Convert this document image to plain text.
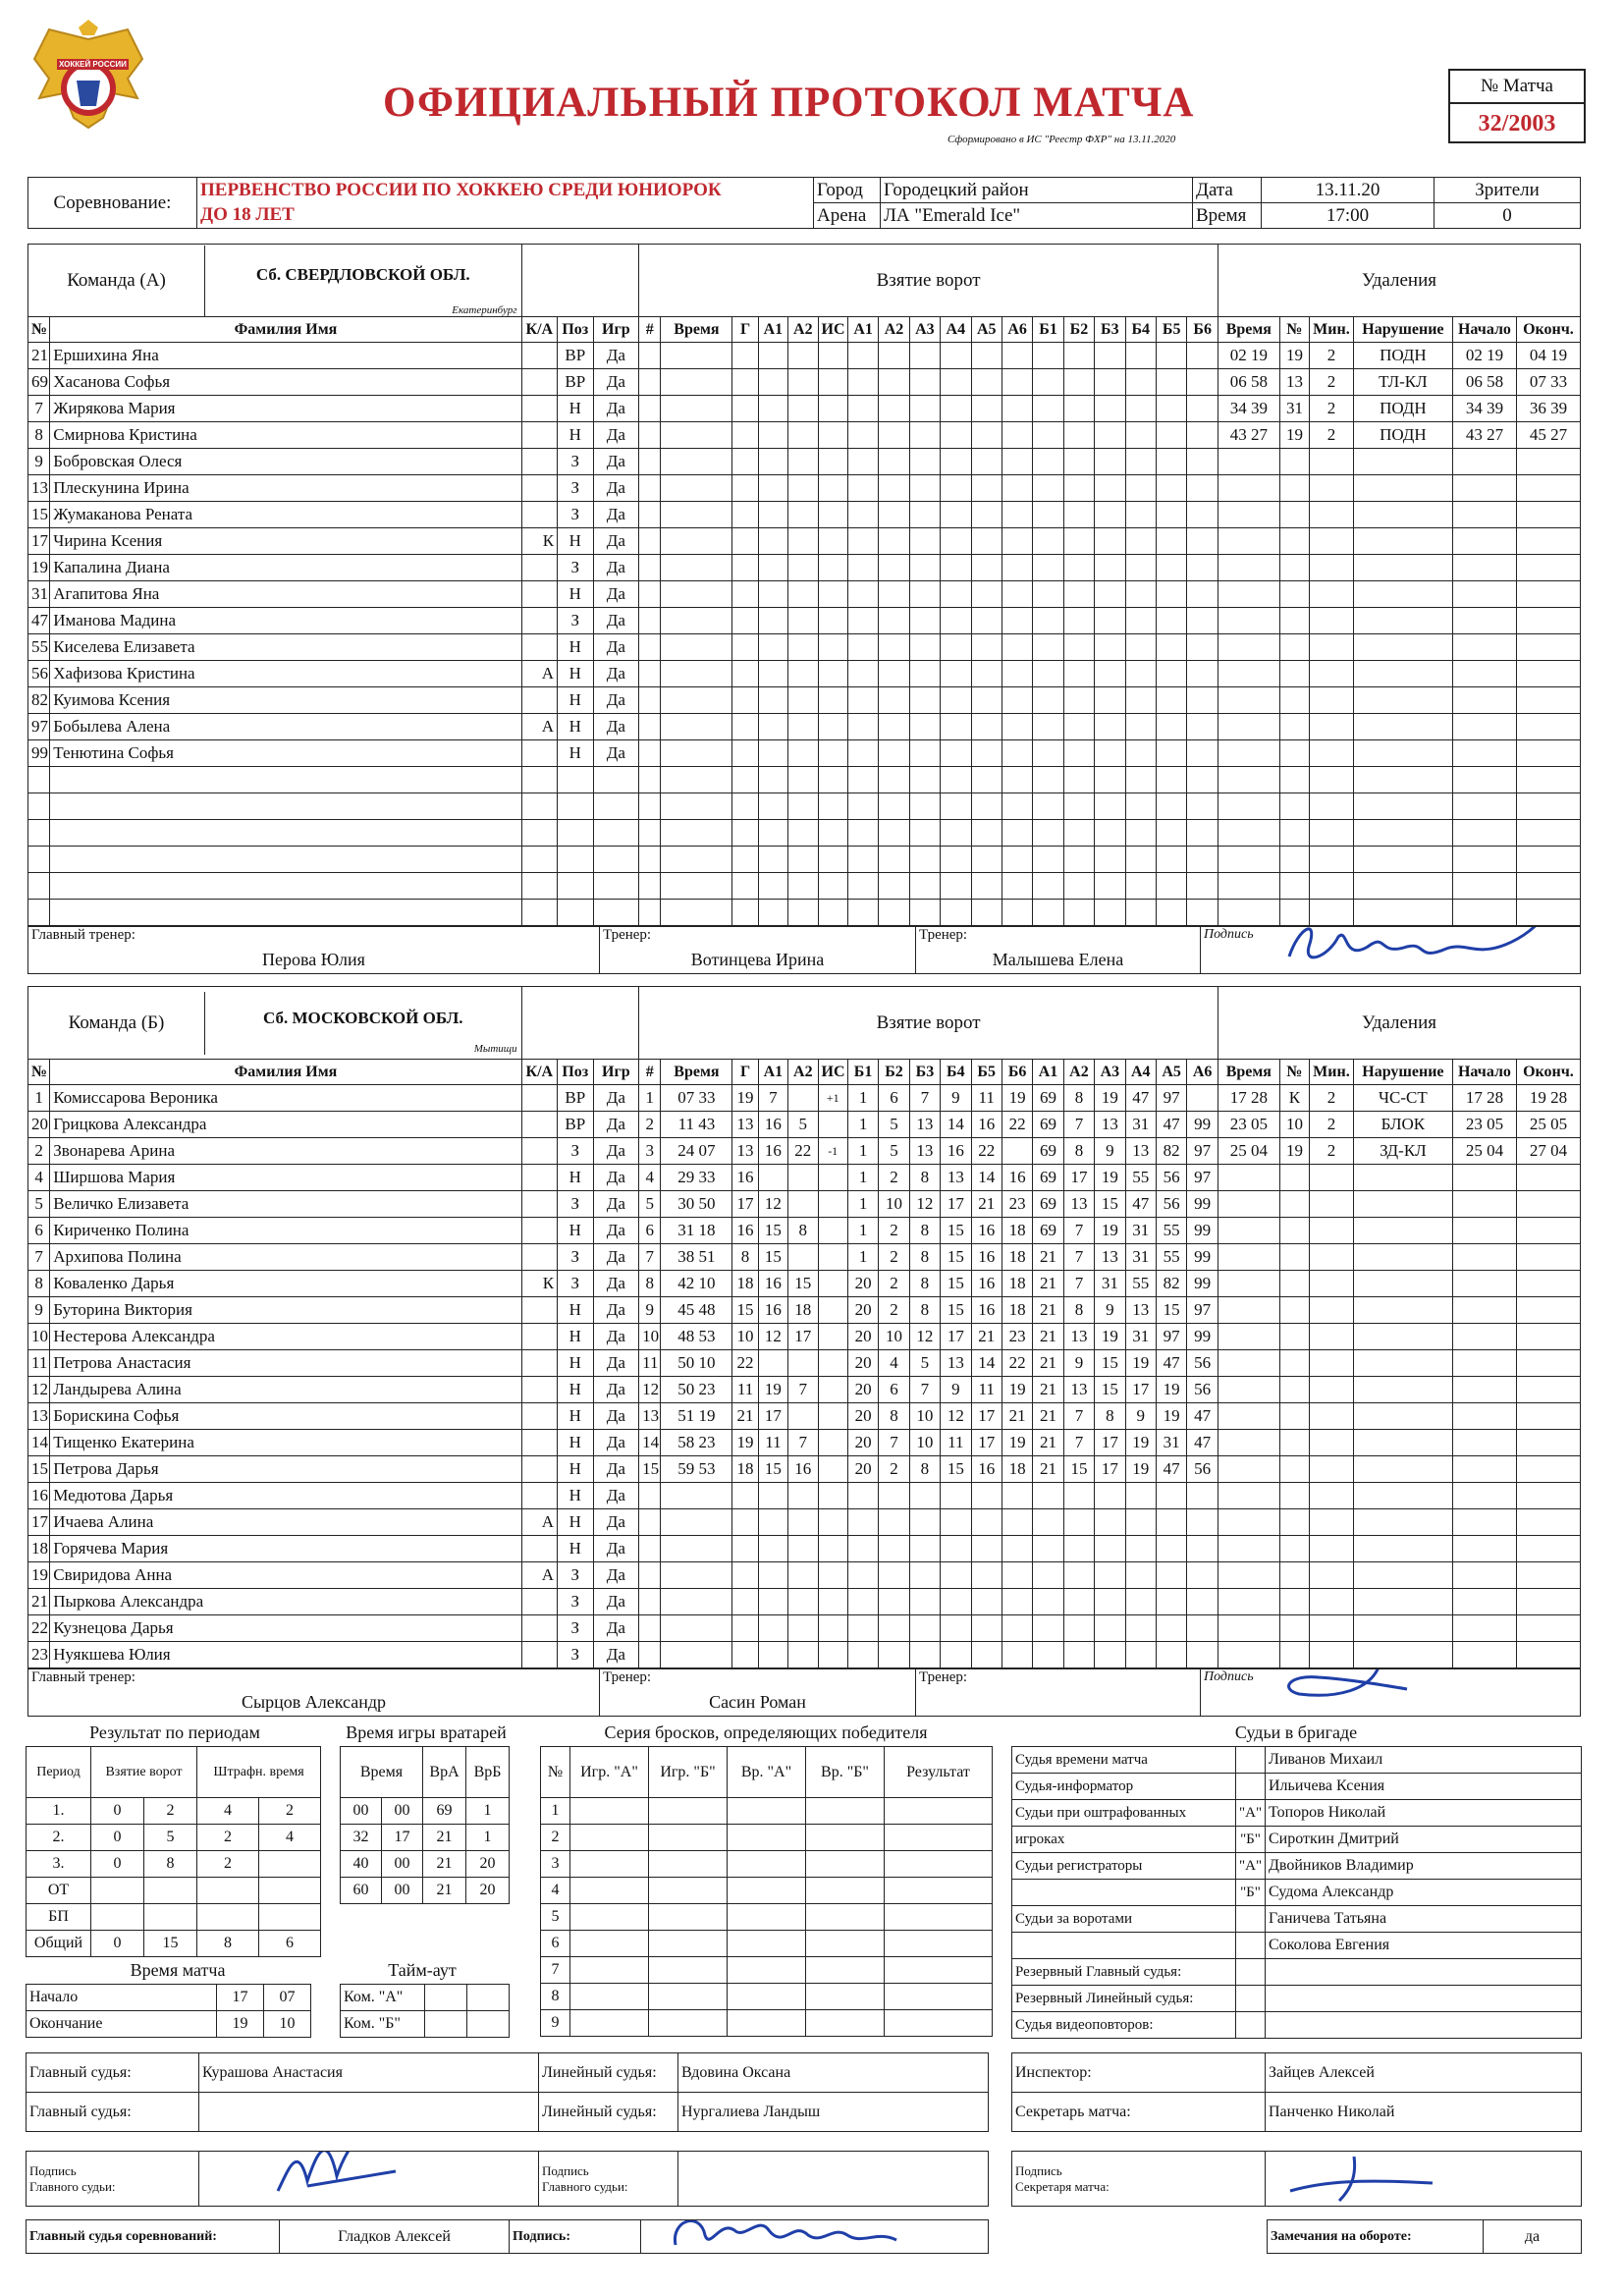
ХОККЕЙ РОССИИ
ОФИЦИАЛЬНЫЙ ПРОТОКОЛ МАТЧА
Сформировано в ИС "Реестр ФХР" на 13.11.2020
№ Матча
32/2003
Соревнование:	ПЕРВЕНСТВО РОССИИ ПО ХОККЕЮ СРЕДИ ЮНИОРОК	Город	Городецкий район	Дата	13.11.20	Зрители
	ДО 18 ЛЕТ	Арена	ЛА "Emerald Ice"	Время	17:00	0
Команда (А) Сб. СВЕРДЛОВСКОЙ ОБЛ.
Екатеринбург					Взятие ворот																		Удаления					
№	Фамилия Имя	К/А	Поз	Игр	#	Время	Г	А1	А2	ИС	А1	А2	А3	А4	А5	А6	Б1	Б2	Б3	Б4	Б5	Б6	Время	№	Мин.	Нарушение	Начало	Оконч.
21	Ершихина Яна		ВР	Да																			02 19	19	2	ПОДН	02 19	04 19
69	Хасанова Софья		ВР	Да																			06 58	13	2	ТЛ-КЛ	06 58	07 33
7	Жирякова Мария		Н	Да																			34 39	31	2	ПОДН	34 39	36 39
8	Смирнова Кристина		Н	Да																			43 27	19	2	ПОДН	43 27	45 27
9	Бобровская Олеся		З	Да																								
13	Плескунина Ирина		З	Да																								
15	Жумаканова Рената		З	Да																								
17	Чирина Ксения	К	Н	Да																								
19	Капалина Диана		З	Да																								
31	Агапитова Яна		Н	Да																								
47	Иманова Мадина		З	Да																								
55	Киселева Елизавета		Н	Да																								
56	Хафизова Кристина	А	Н	Да																								
82	Куимова Ксения		Н	Да																								
97	Бобылева Алена	А	Н	Да																								
99	Тенютина Софья		Н	Да																								

Главный тренер:
Перова Юлия

Тренер:
Вотинцева Ирина

Тренер:
Малышева Елена

Подпись
Команда (Б) Сб. МОСКОВСКОЙ ОБЛ.
Мытищи					Взятие ворот																		Удаления					
№	Фамилия Имя	К/А	Поз	Игр	#	Время	Г	А1	А2	ИС	Б1	Б2	Б3	Б4	Б5	Б6	А1	А2	А3	А4	А5	А6	Время	№	Мин.	Нарушение	Начало	Оконч.
1	Комиссарова Вероника		ВР	Да	1	07 33	19	7		+1	1	6	7	9	11	19	69	8	19	47	97		17 28	К	2	ЧС-СТ	17 28	19 28
20	Грицкова Александра		ВР	Да	2	11 43	13	16	5		1	5	13	14	16	22	69	7	13	31	47	99	23 05	10	2	БЛОК	23 05	25 05
2	Звонарева Арина		З	Да	3	24 07	13	16	22	-1	1	5	13	16	22		69	8	9	13	82	97	25 04	19	2	ЗД-КЛ	25 04	27 04
4	Ширшова Мария		Н	Да	4	29 33	16				1	2	8	13	14	16	69	17	19	55	56	97						
5	Величко Елизавета		З	Да	5	30 50	17	12			1	10	12	17	21	23	69	13	15	47	56	99						
6	Кириченко Полина		Н	Да	6	31 18	16	15	8		1	2	8	15	16	18	69	7	19	31	55	99						
7	Архипова Полина		З	Да	7	38 51	8	15			1	2	8	15	16	18	21	7	13	31	55	99						
8	Коваленко Дарья	К	З	Да	8	42 10	18	16	15		20	2	8	15	16	18	21	7	31	55	82	99						
9	Буторина Виктория		Н	Да	9	45 48	15	16	18		20	2	8	15	16	18	21	8	9	13	15	97						
10	Нестерова Александра		Н	Да	10	48 53	10	12	17		20	10	12	17	21	23	21	13	19	31	97	99						
11	Петрова Анастасия		Н	Да	11	50 10	22				20	4	5	13	14	22	21	9	15	19	47	56						
12	Ландырева Алина		Н	Да	12	50 23	11	19	7		20	6	7	9	11	19	21	13	15	17	19	56						
13	Борискина Софья		Н	Да	13	51 19	21	17			20	8	10	12	17	21	21	7	8	9	19	47						
14	Тищенко Екатерина		Н	Да	14	58 23	19	11	7		20	7	10	11	17	19	21	7	17	19	31	47						
15	Петрова Дарья		Н	Да	15	59 53	18	15	16		20	2	8	15	16	18	21	15	17	19	47	56						
16	Медютова Дарья		Н	Да																								
17	Ичаева Алина	А	Н	Да																								
18	Горячева Мария		Н	Да																								
19	Свиридова Анна	А	З	Да																								
21	Пыркова Александра		З	Да																								
22	Кузнецова Дарья		З	Да																								
23	Нуякшева Юлия		З	Да																								
Главный тренер:
Сырцов Александр

Тренер:
Сасин Роман

Тренер:	Подпись
Результат по периодам
Период	Взятие ворот		Штрафн. время	
1.	0	2	4	2
2.	0	5	2	4
3.	0	8	2	
ОТ				
БП				
Общий	0	15	8	6
Время игры вратарей
Время		ВрА	ВрБ
00	00	69	1
32	17	21	1
40	00	21	20
60	00	21	20
Время матча
Начало	17	07
Окончание	19	10
Тайм-аут
Ком. "А"		
Ком. "Б"		
Серия бросков, определяющих победителя
№	Игр. "А"	Игр. "Б"	Вр. "А"	Вр. "Б"	Результат
1					
2					
3					
4					
5					
6					
7					
8					
9					
Судьи в бригаде
Судья времени матча		Ливанов Михаил
Судья-информатор		Ильичева Ксения
Судьи при оштрафованных	"А"	Топоров Николай
игроках	"Б"	Сироткин Дмитрий
Судьи регистраторы	"А"	Двойников Владимир
	"Б"	Судома Александр
Судьи за воротами		Ганичева Татьяна
		Соколова Евгения
Резервный Главный судья:		
Резервный Линейный судья:		
Судья видеоповторов:		
Главный судья:	Курашова Анастасия	Линейный судья:	Вдовина Оксана
Главный судья:		Линейный судья:	Нургалиева Ландыш
Инспектор:	Зайцев Алексей
Секретарь матча:	Панченко Николай
Подпись
Главного судьи:

Подпись
Главного судьи:

Подпись
Секретаря матча:

Главный судья соревнований:	Гладков Алексей	Подпись:		Замечания на обороте:	да
